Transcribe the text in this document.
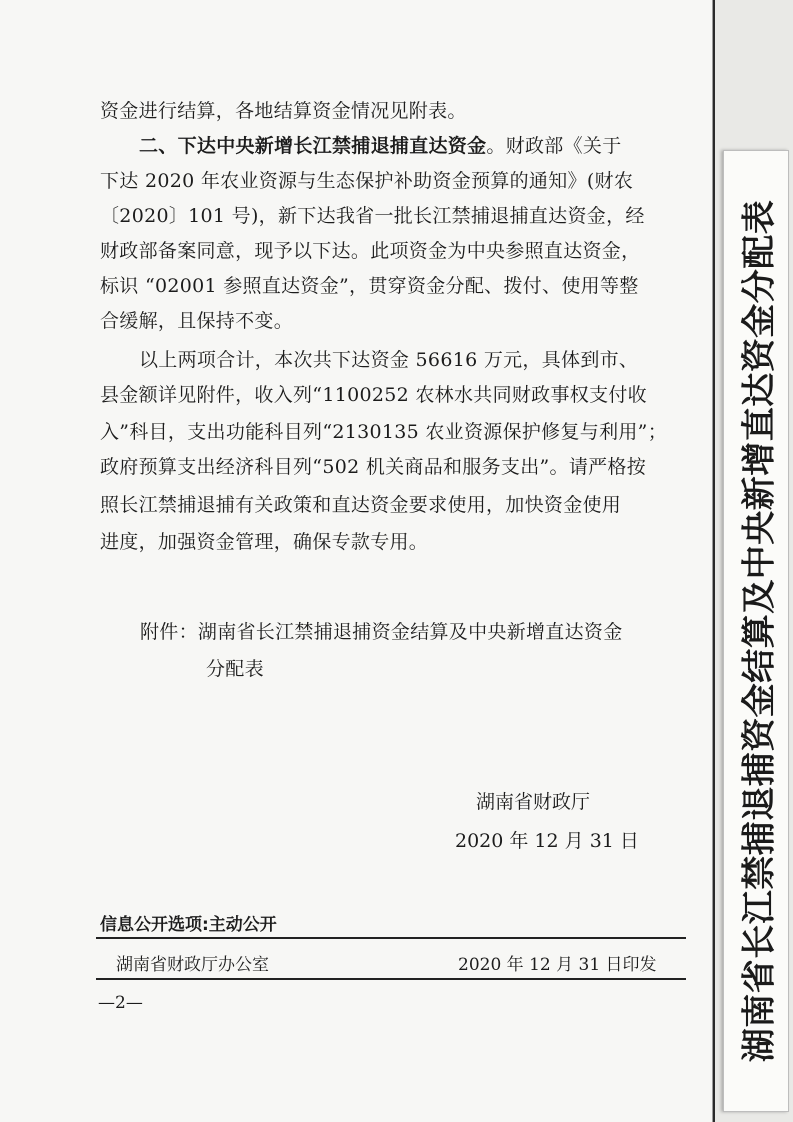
资金进行结算，各地结算资金情况见附表。
二、下达中央新增长江禁捕退捕直达资金。财政部《关于
下达 2020 年农业资源与生态保护补助资金预算的通知》(财农
〔2020〕101 号)，新下达我省一批长江禁捕退捕直达资金，经
财政部备案同意，现予以下达。此项资金为中央参照直达资金，
标识 “02001 参照直达资金”，贯穿资金分配、拨付、使用等整
合缓解，且保持不变。
以上两项合计，本次共下达资金 56616 万元，具体到市、
县金额详见附件，收入列“1100252 农林水共同财政事权支付收
入”科目，支出功能科目列“2130135 农业资源保护修复与利用”；
政府预算支出经济科目列“502 机关商品和服务支出”。请严格按
照长江禁捕退捕有关政策和直达资金要求使用，加快资金使用
进度，加强资金管理，确保专款专用。
附件：湖南省长江禁捕退捕资金结算及中央新增直达资金
分配表
湖南省财政厅
2020 年 12 月 31 日
信息公开选项:主动公开
湖南省财政厅办公室	2020 年 12 月 31 日印发
—2—	湖南省长江禁捕退捕资金结算及中央新增直达资金分配表
